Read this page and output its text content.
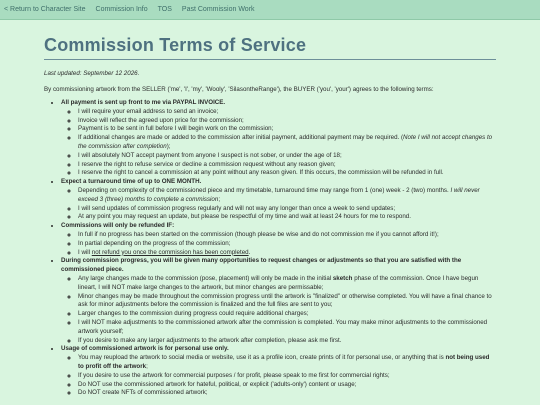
< Return to Character Site Commission Info TOS Past Commission Work
Commission Terms of Service

Last updated: September 12 2026.

By commissioning artwork from the SELLER ('me', 'I', 'my', 'Wooly', 'SilasontheRange'), the BUYER ('you', 'your') agrees to the following terms:

• All payment is sent up front to me via PAYPAL INVOICE.
◦ I will require your email address to send an invoice;
◦ Invoice will reflect the agreed upon price for the commission;
◦ Payment is to be sent in full before I will begin work on the commission;
◦ If additional changes are made or added to the commission after initial payment, additional payment may be required. (Note I will not accept changes to the commission after completion);
◦ I will absolutely NOT accept payment from anyone I suspect is not sober, or under the age of 18;
◦ I reserve the right to refuse service or decline a commission request without any reason given;
◦ I reserve the right to cancel a commission at any point without any reason given. If this occurs, the commission will be refunded in full.
• Expect a turnaround time of up to ONE MONTH.
◦ Depending on complexity of the commissioned piece and my timetable, turnaround time may range from 1 (one) week - 2 (two) months. I will never exceed 3 (three) months to complete a commission;
◦ I will send updates of commission progress regularly and will not way any longer than once a week to send updates;
◦ At any point you may request an update, but please be respectful of my time and wait at least 24 hours for me to respond.
• Commissions will only be refunded IF:
◦ In full if no progress has been started on the commission (though please be wise and do not commission me if you cannot afford it!);
◦ In partial depending on the progress of the commission;
◦ I will not refund you once the commission has been completed.
• During commission progress, you will be given many opportunities to request changes or adjustments so that you are satisfied with the commissioned piece.
◦ Any large changes made to the commission (pose, placement) will only be made in the initial sketch phase of the commission. Once I have begun lineart, I will NOT make large changes to the artwork, but minor changes are permissable;
◦ Minor changes may be made throughout the commission progress until the artwork is "finalized" or otherwise completed. You will have a final chance to ask for minor adjustments before the commission is finalized and the full files are sent to you;
◦ Larger changes to the commission during progress could require additional charges;
◦ I will NOT make adjustments to the commissioned artwork after the commission is completed. You may make minor adjustments to the commissioned artwork yourself;
◦ If you desire to make any larger adjustments to the artwork after completion, please ask me first.
• Usage of commissioned artwork is for personal use only.
◦ You may reupload the artwork to social media or website, use it as a profile icon, create prints of it for personal use, or anything that is not being used to profit off the artwork;
◦ If you desire to use the artwork for commercial purposes / for profit, please speak to me first for commercial rights;
◦ Do NOT use the commissioned artwork for hateful, political, or explicit ('adults-only') content or usage;
◦ Do NOT create NFTs of commissioned artwork;
